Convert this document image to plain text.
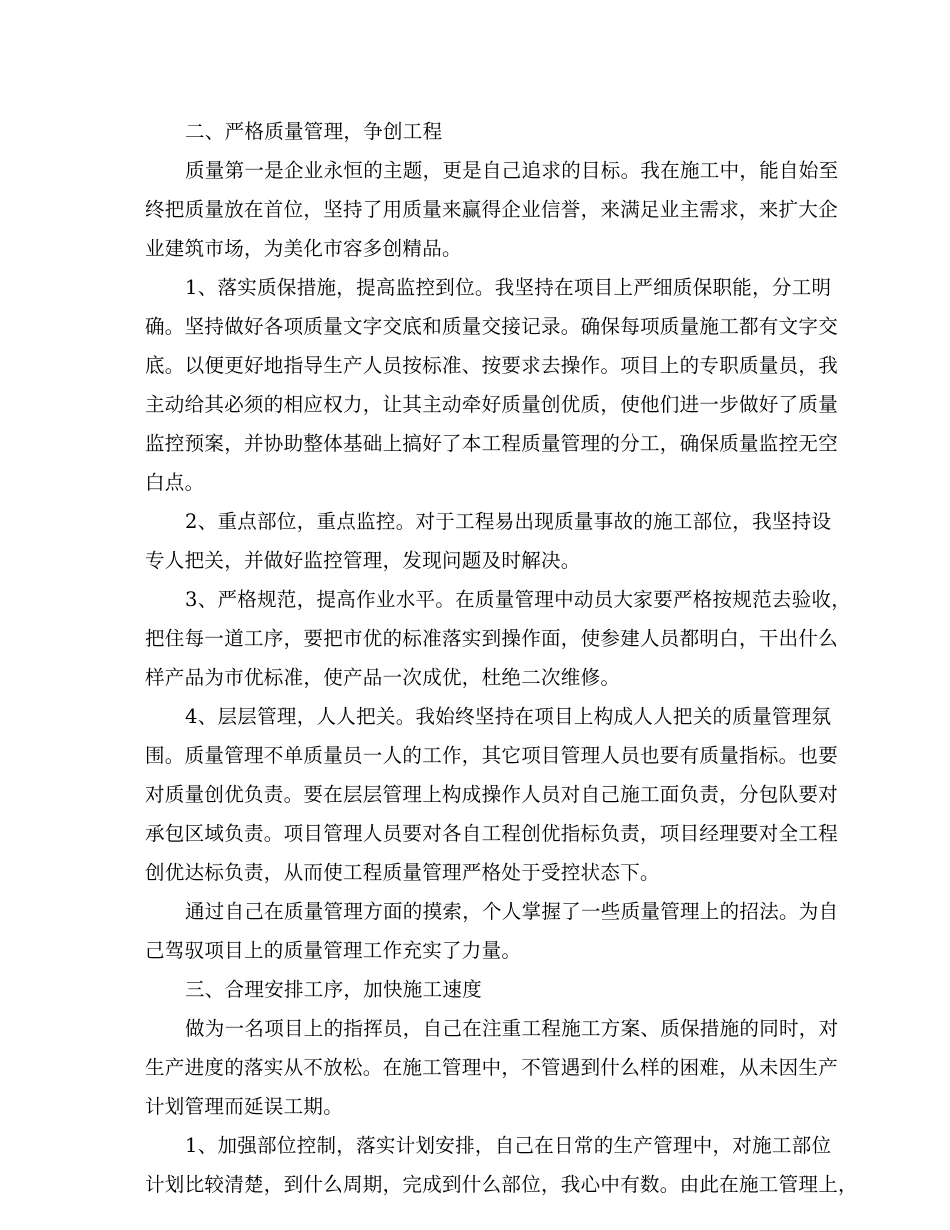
二、严格质量管理，争创工程
质量第一是企业永恒的主题，更是自己追求的目标。我在施工中，能自始至
终把质量放在首位，坚持了用质量来赢得企业信誉，来满足业主需求，来扩大企
业建筑市场，为美化市容多创精品。
1、落实质保措施，提高监控到位。我坚持在项目上严细质保职能，分工明
确。坚持做好各项质量文字交底和质量交接记录。确保每项质量施工都有文字交
底。以便更好地指导生产人员按标准、按要求去操作。项目上的专职质量员，我
主动给其必须的相应权力，让其主动牵好质量创优质，使他们进一步做好了质量
监控预案，并协助整体基础上搞好了本工程质量管理的分工，确保质量监控无空
白点。
2、重点部位，重点监控。对于工程易出现质量事故的施工部位，我坚持设
专人把关，并做好监控管理，发现问题及时解决。
3、严格规范，提高作业水平。在质量管理中动员大家要严格按规范去验收，
把住每一道工序，要把市优的标准落实到操作面，使参建人员都明白，干出什么
样产品为市优标准，使产品一次成优，杜绝二次维修。
4、层层管理，人人把关。我始终坚持在项目上构成人人把关的质量管理氛
围。质量管理不单质量员一人的工作，其它项目管理人员也要有质量指标。也要
对质量创优负责。要在层层管理上构成操作人员对自己施工面负责，分包队要对
承包区域负责。项目管理人员要对各自工程创优指标负责，项目经理要对全工程
创优达标负责，从而使工程质量管理严格处于受控状态下。
通过自己在质量管理方面的摸索，个人掌握了一些质量管理上的招法。为自
己驾驭项目上的质量管理工作充实了力量。
三、合理安排工序，加快施工速度
做为一名项目上的指挥员，自己在注重工程施工方案、质保措施的同时，对
生产进度的落实从不放松。在施工管理中，不管遇到什么样的困难，从未因生产
计划管理而延误工期。
1、加强部位控制，落实计划安排，自己在日常的生产管理中，对施工部位
计划比较清楚，到什么周期，完成到什么部位，我心中有数。由此在施工管理上，
